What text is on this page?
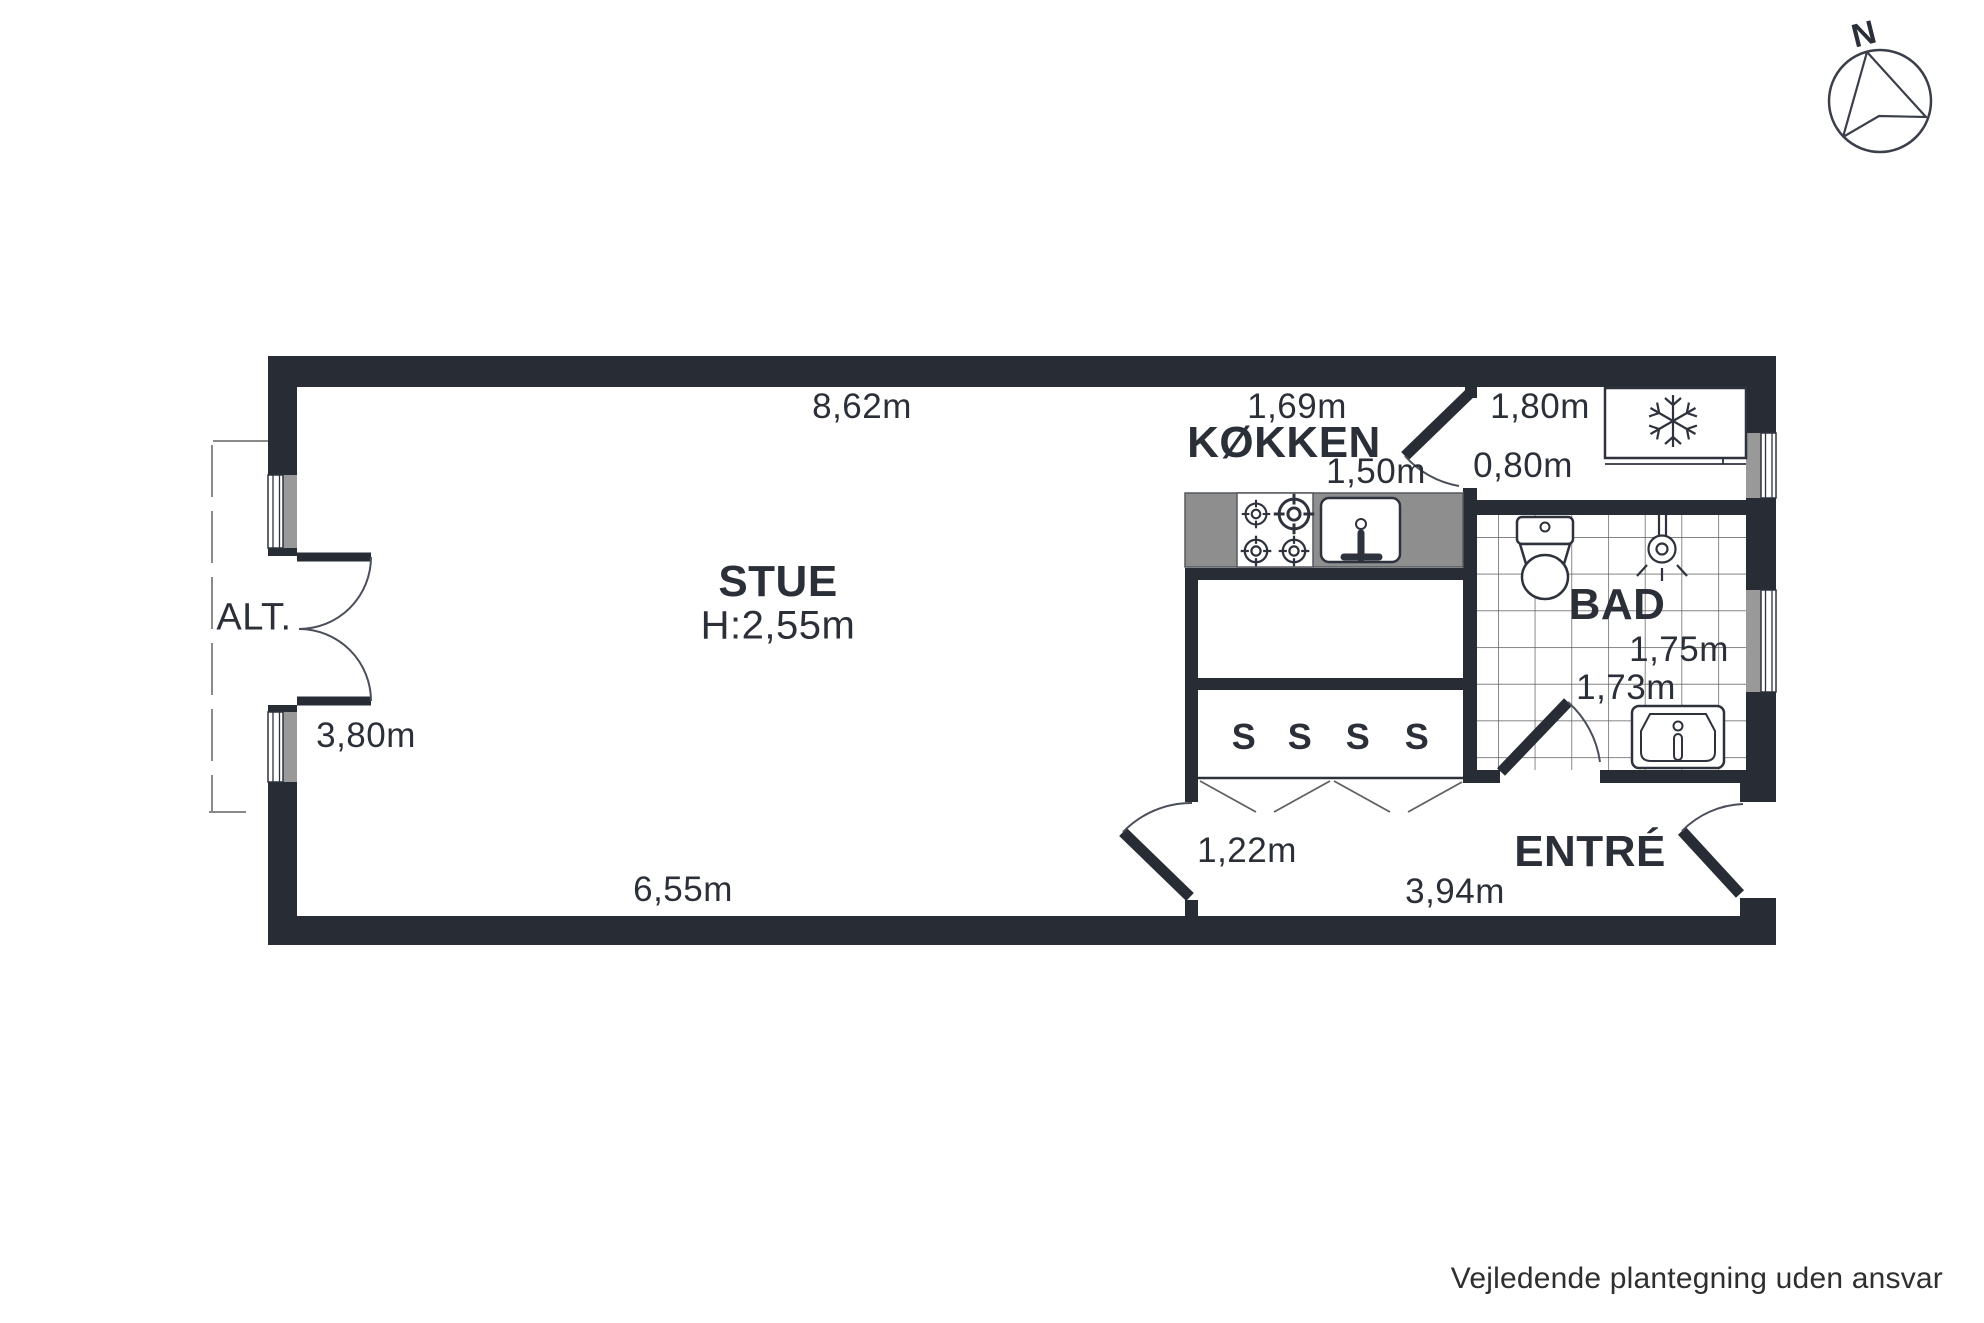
8,62m	1,69m
KØKKEN
1,50m
1,80m
0,80m
STUE
H:2,55m
ALT.
3,80m
BAD
1,75m
1,73m
1,22m
6,55m	3,94m
ENTRÉ
S S S S
N
Vejledende plantegning uden ansvar
